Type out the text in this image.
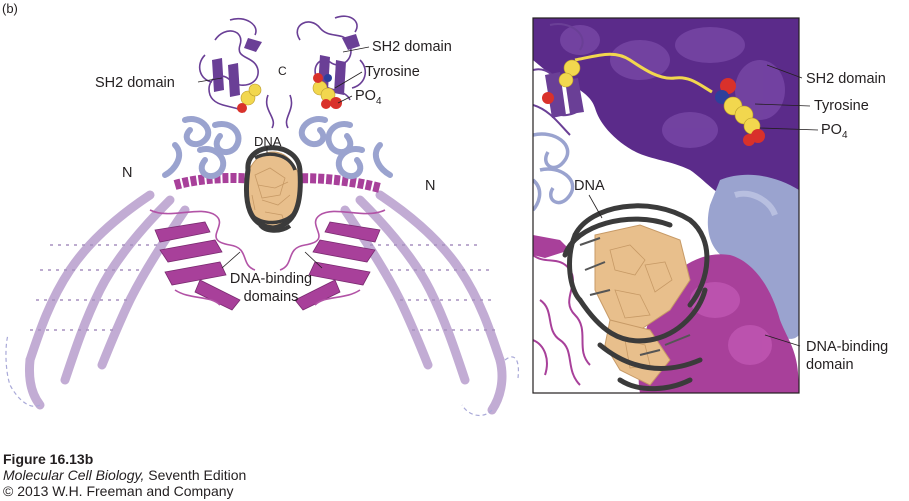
(b)
SH2 domain
SH2 domain
C	Tyrosine
$PO_4$
DNA
N
N
DNA-binding
domains
SH2 domain
Tyrosine
$PO_4$
DNA
DNA-binding
domain
Figure 16.13b
Molecular Cell Biology, Seventh Edition
© 2013 W.H. Freeman and Company
